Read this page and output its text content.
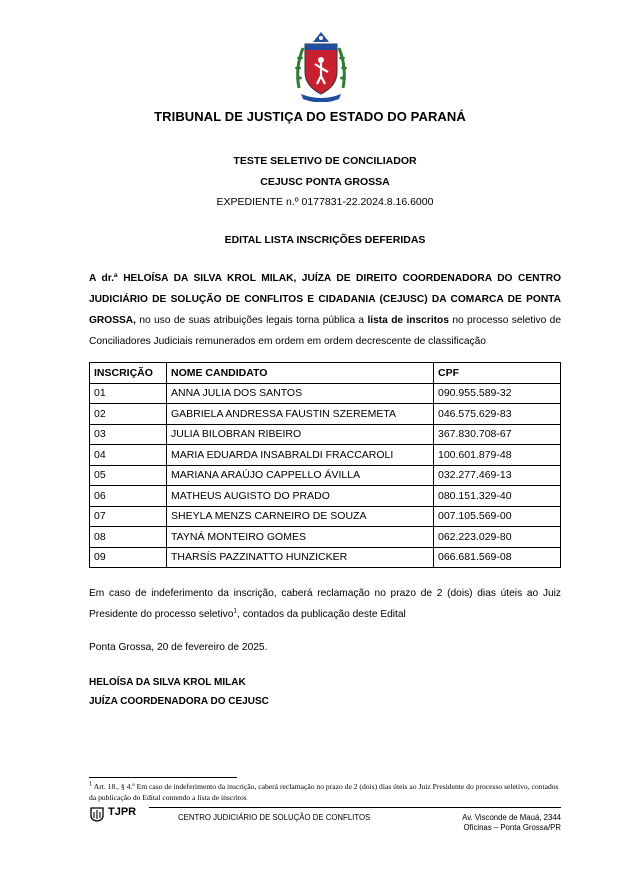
TRIBUNAL DE JUSTIÇA DO ESTADO DO PARANÁ
TESTE SELETIVO DE CONCILIADOR
CEJUSC PONTA GROSSA
EXPEDIENTE n.º 0177831-22.2024.8.16.6000
EDITAL LISTA INSCRIÇÕES DEFERIDAS
A dr.ª HELOÍSA DA SILVA KROL MILAK, JUÍZA DE DIREITO COORDENADORA DO CENTRO JUDICIÁRIO DE SOLUÇÃO DE CONFLITOS E CIDADANIA (CEJUSC) DA COMARCA DE PONTA GROSSA, no uso de suas atribuições legais torna pública a lista de inscritos no processo seletivo de Conciliadores Judiciais remunerados em ordem em ordem decrescente de classificação
INSCRIÇÃO	NOME CANDIDATO	CPF
01	ANNA JULIA DOS SANTOS	090.955.589-32
02	GABRIELA ANDRESSA FAUSTIN SZEREMETA	046.575.629-83
03	JULIA BILOBRAN RIBEIRO	367.830.708-67
04	MARIA EDUARDA INSABRALDI FRACCAROLI	100.601.879-48
05	MARIANA ARAÚJO CAPPELLO ÁVILLA	032.277.469-13
06	MATHEUS AUGISTO DO PRADO	080.151.329-40
07	SHEYLA MENZS CARNEIRO DE SOUZA	007.105.569-00
08	TAYNÁ MONTEIRO GOMES	062.223.029-80
09	THARSÍS PAZZINATTO HUNZICKER	066.681.569-08
Em caso de indeferimento da inscrição, caberá reclamação no prazo de 2 (dois) dias úteis ao Juiz Presidente do processo seletivo$^1$, contados da publicação deste Edital
Ponta Grossa, 20 de fevereiro de 2025.
HELOÍSA DA SILVA KROL MILAK
JUÍZA COORDENADORA DO CEJUSC
1 Art. 18., § 4.º Em caso de indeferimento da inscrição, caberá reclamação no prazo de 2 (dois) dias úteis ao Juiz Presidente do processo seletivo, contados da publicação do Edital contendo a lista de inscritos
TJPR	CENTRO JUDICIÁRIO DE SOLUÇÃO DE CONFLITOS	Av. Visconde de Mauá, 2344
Oficinas – Ponta Grossa/PR
